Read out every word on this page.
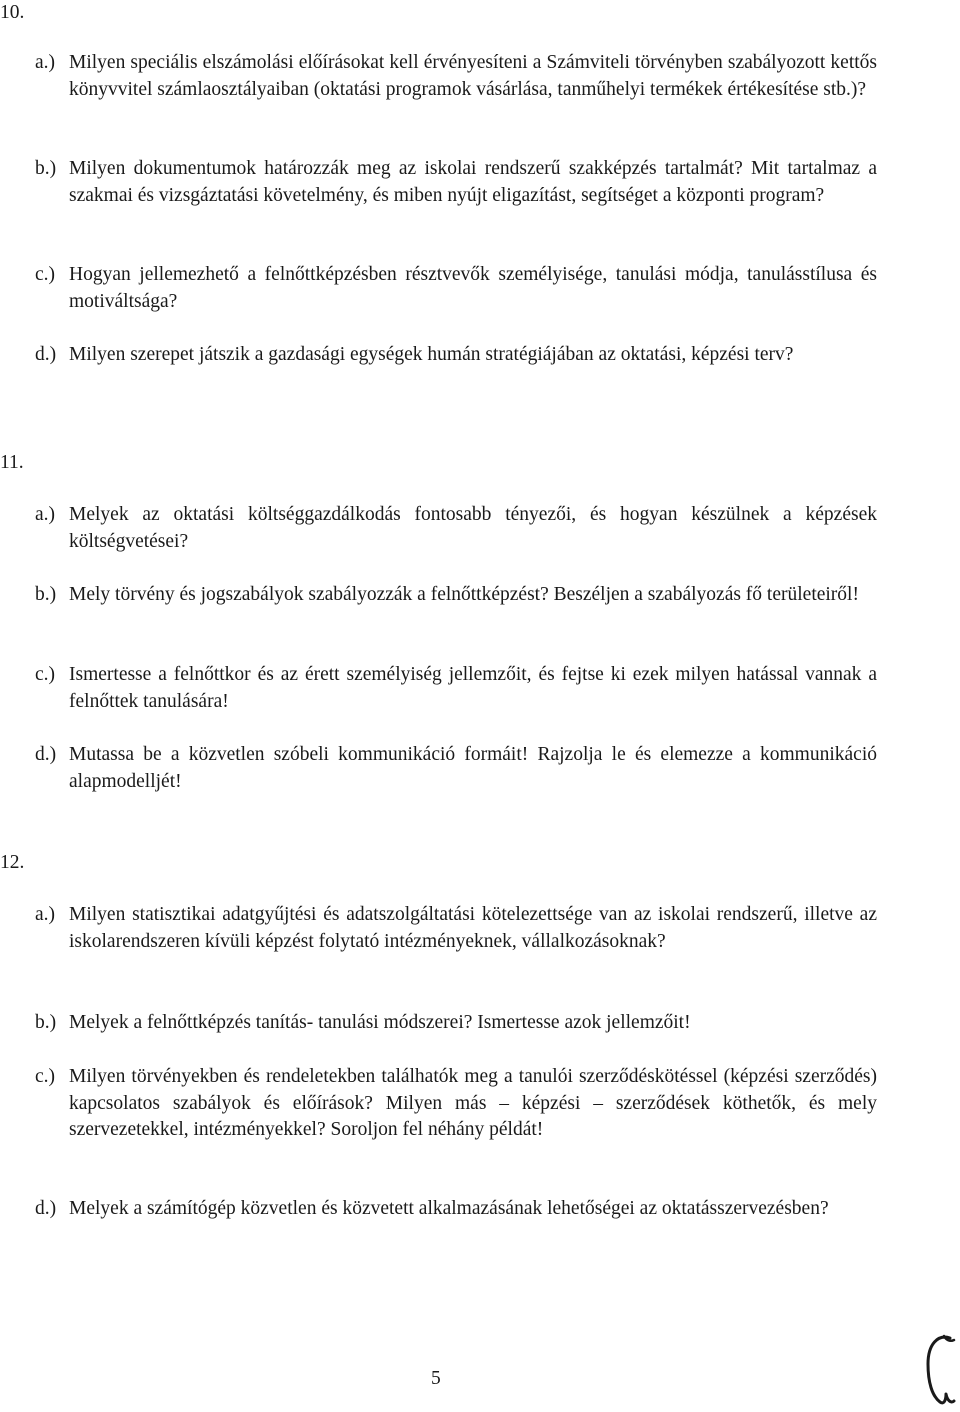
10.
a.) Milyen speciális elszámolási előírásokat kell érvényesíteni a Számviteli törvényben szabályozott kettős könyvvitel számlaosztályaiban (oktatási programok vásárlása, tanműhelyi termékek értékesítése stb.)?
b.) Milyen dokumentumok határozzák meg az iskolai rendszerű szakképzés tartalmát? Mit tartalmaz a szakmai és vizsgáztatási követelmény, és miben nyújt eligazítást, segítséget a központi program?
c.) Hogyan jellemezhető a felnőttképzésben résztvevők személyisége, tanulási módja, tanulásstílusa és motiváltsága?
d.) Milyen szerepet játszik a gazdasági egységek humán stratégiájában az oktatási, képzési terv?
11.
a.) Melyek az oktatási költséggazdálkodás fontosabb tényezői, és hogyan készülnek a képzések költségvetései?
b.) Mely törvény és jogszabályok szabályozzák a felnőttképzést? Beszéljen a szabályozás fő területeiről!
c.) Ismertesse a felnőttkor és az érett személyiség jellemzőit, és fejtse ki ezek milyen hatással vannak a felnőttek tanulására!
d.) Mutassa be a közvetlen szóbeli kommunikáció formáit! Rajzolja le és elemezze a kommunikáció alapmodelljét!
12.
a.) Milyen statisztikai adatgyűjtési és adatszolgáltatási kötelezettsége van az iskolai rendszerű, illetve az iskolarendszeren kívüli képzést folytató intézményeknek, vállalkozásoknak?
b.) Melyek a felnőttképzés tanítás- tanulási módszerei? Ismertesse azok jellemzőit!
c.) Milyen törvényekben és rendeletekben találhatók meg a tanulói szerződéskötéssel (képzési szerződés) kapcsolatos szabályok és előírások? Milyen más – képzési – szerződések köthetők, és mely szervezetekkel, intézményekkel? Soroljon fel néhány példát!
d.) Melyek a számítógép közvetlen és közvetett alkalmazásának lehetőségei az oktatásszervezésben?
5
